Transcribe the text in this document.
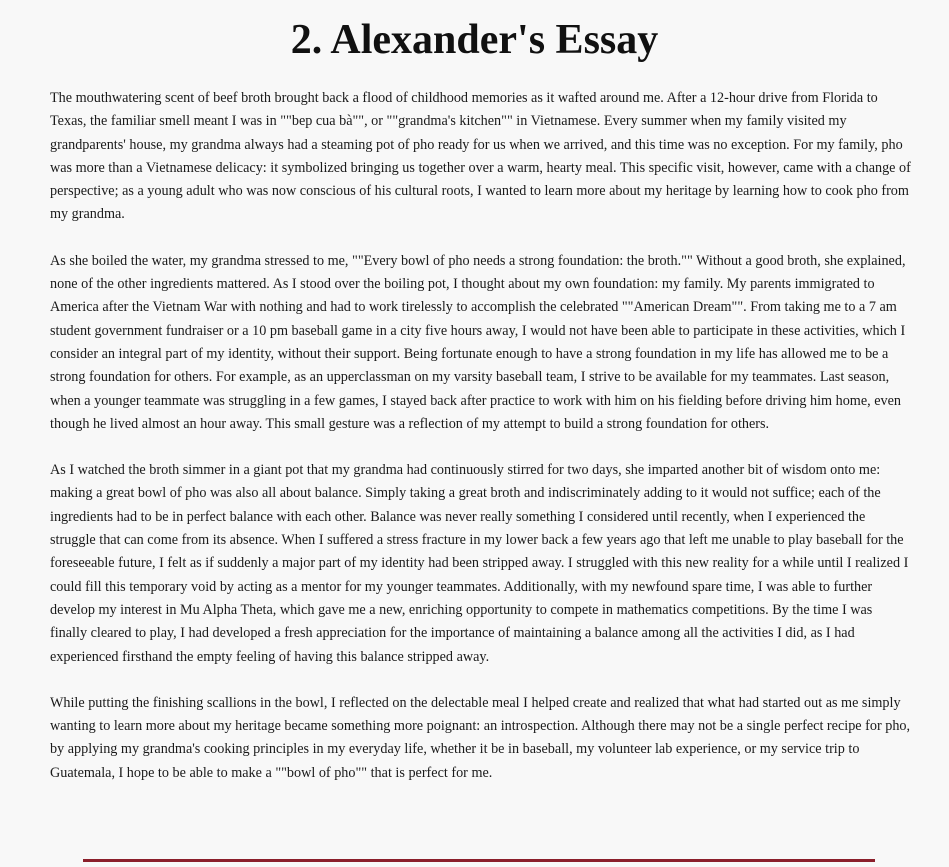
2. Alexander's Essay

The mouthwatering scent of beef broth brought back a flood of childhood memories as it wafted around me. After a 12-hour drive from Florida to Texas, the familiar smell meant I was in ""bep cua bà"", or ""grandma's kitchen"" in Vietnamese. Every summer when my family visited my grandparents' house, my grandma always had a steaming pot of pho ready for us when we arrived, and this time was no exception. For my family, pho was more than a Vietnamese delicacy: it symbolized bringing us together over a warm, hearty meal. This specific visit, however, came with a change of perspective; as a young adult who was now conscious of his cultural roots, I wanted to learn more about my heritage by learning how to cook pho from my grandma.

As she boiled the water, my grandma stressed to me, ""Every bowl of pho needs a strong foundation: the broth."" Without a good broth, she explained, none of the other ingredients mattered. As I stood over the boiling pot, I thought about my own foundation: my family. My parents immigrated to America after the Vietnam War with nothing and had to work tirelessly to accomplish the celebrated ""American Dream"". From taking me to a 7 am student government fundraiser or a 10 pm baseball game in a city five hours away, I would not have been able to participate in these activities, which I consider an integral part of my identity, without their support. Being fortunate enough to have a strong foundation in my life has allowed me to be a strong foundation for others. For example, as an upperclassman on my varsity baseball team, I strive to be available for my teammates. Last season, when a younger teammate was struggling in a few games, I stayed back after practice to work with him on his fielding before driving him home, even though he lived almost an hour away. This small gesture was a reflection of my attempt to build a strong foundation for others.

As I watched the broth simmer in a giant pot that my grandma had continuously stirred for two days, she imparted another bit of wisdom onto me: making a great bowl of pho was also all about balance. Simply taking a great broth and indiscriminately adding to it would not suffice; each of the ingredients had to be in perfect balance with each other. Balance was never really something I considered until recently, when I experienced the struggle that can come from its absence. When I suffered a stress fracture in my lower back a few years ago that left me unable to play baseball for the foreseeable future, I felt as if suddenly a major part of my identity had been stripped away. I struggled with this new reality for a while until I realized I could fill this temporary void by acting as a mentor for my younger teammates. Additionally, with my newfound spare time, I was able to further develop my interest in Mu Alpha Theta, which gave me a new, enriching opportunity to compete in mathematics competitions. By the time I was finally cleared to play, I had developed a fresh appreciation for the importance of maintaining a balance among all the activities I did, as I had experienced firsthand the empty feeling of having this balance stripped away.

While putting the finishing scallions in the bowl, I reflected on the delectable meal I helped create and realized that what had started out as me simply wanting to learn more about my heritage became something more poignant: an introspection. Although there may not be a single perfect recipe for pho, by applying my grandma's cooking principles in my everyday life, whether it be in baseball, my volunteer lab experience, or my service trip to Guatemala, I hope to be able to make a ""bowl of pho"" that is perfect for me.
